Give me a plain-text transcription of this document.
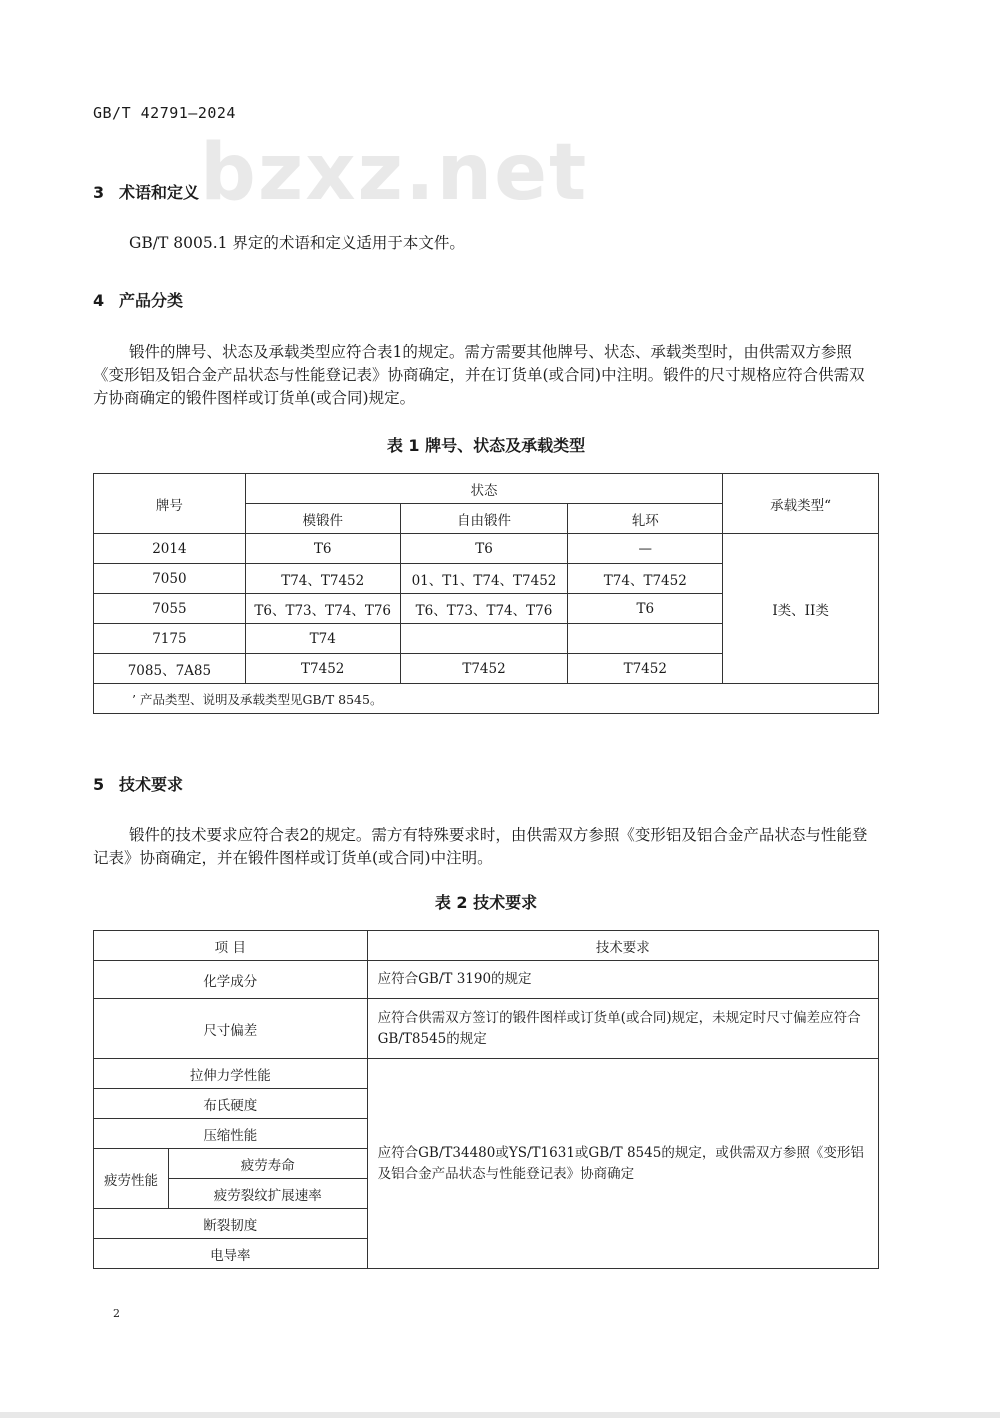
GB/T 42791—2024
bzxz.net
3 术语和定义
GB/T 8005.1 界定的术语和定义适用于本文件。
4 产品分类
锻件的牌号、状态及承载类型应符合表1的规定。需方需要其他牌号、状态、承载类型时，由供需双方参照《变形铝及铝合金产品状态与性能登记表》协商确定，并在订货单(或合同)中注明。锻件的尺寸规格应符合供需双方协商确定的锻件图样或订货单(或合同)规定。
表 1 牌号、状态及承载类型
牌号	状态			承载类型“
	模锻件	自由锻件	轧环	
2014	T6	T6	—	I类、II类
7050	T74、T7452	01、T1、T74、T7452	T74、T7452	
7055	T6、T73、T74、T76	T6、T73、T74、T76	T6	
7175	T74			
7085、7A85	T7452	T7452	T7452	
’ 产品类型、说明及承载类型见GB/T 8545。				
5 技术要求
锻件的技术要求应符合表2的规定。需方有特殊要求时，由供需双方参照《变形铝及铝合金产品状态与性能登记表》协商确定，并在锻件图样或订货单(或合同)中注明。
表 2 技术要求
项 目		技术要求
化学成分		应符合GB/T 3190的规定
尺寸偏差		应符合供需双方签订的锻件图样或订货单(或合同)规定，未规定时尺寸偏差应符合GB/T8545的规定
拉伸力学性能		应符合GB/T34480或YS/T1631或GB/T 8545的规定，或供需双方参照《变形铝及铝合金产品状态与性能登记表》协商确定
布氏硬度		
压缩性能		
疲劳性能	疲劳寿命	
	疲劳裂纹扩展速率	
断裂韧度		
电导率		
2
